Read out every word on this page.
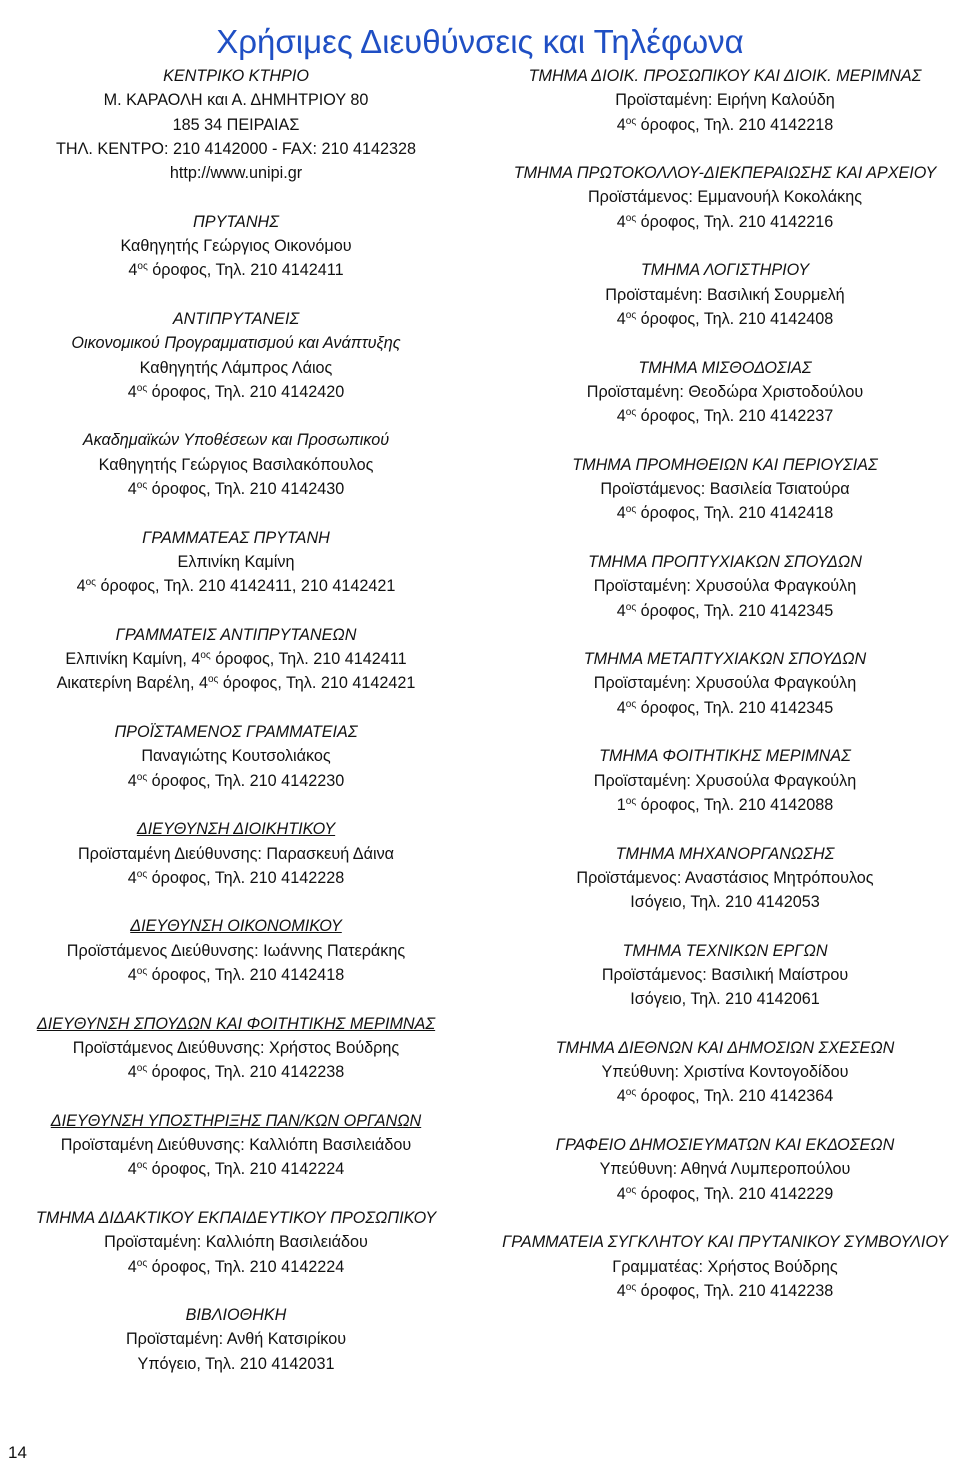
Χρήσιμες Διευθύνσεις και Τηλέφωνα
ΚΕΝΤΡΙΚΟ ΚΤΗΡΙΟ
Μ. ΚΑΡΑΟΛΗ και Α. ΔΗΜΗΤΡΙΟΥ 80
185 34 ΠΕΙΡΑΙΑΣ
ΤΗΛ. ΚΕΝΤΡΟ: 210 4142000 - FAX: 210 4142328
http://www.unipi.gr
ΠΡΥΤΑΝΗΣ
Καθηγητής Γεώργιος Οικονόμου
$4^{o\varsigma}$ όροφος, Τηλ. 210 4142411
ΑΝΤΙΠΡΥΤΑΝΕΙΣ
Οικονομικού Προγραμματισμού και Ανάπτυξης
Καθηγητής Λάμπρος Λάιος
$4^{o\varsigma}$ όροφος, Τηλ. 210 4142420
Ακαδημαϊκών Υποθέσεων και Προσωπικού
Καθηγητής Γεώργιος Βασιλακόπουλος
$4^{o\varsigma}$ όροφος, Τηλ. 210 4142430
ΓΡΑΜΜΑΤΕΑΣ ΠΡΥΤΑΝΗ
Ελπινίκη Καμίνη
$4^{o\varsigma}$ όροφος, Τηλ. 210 4142411, 210 4142421
ΓΡΑΜΜΑΤΕΙΣ ΑΝΤΙΠΡΥΤΑΝΕΩΝ
Ελπινίκη Καμίνη, $4^{o\varsigma}$ όροφος, Τηλ. 210 4142411
Αικατερίνη Βαρέλη, $4^{o\varsigma}$ όροφος, Τηλ. 210 4142421
ΠΡΟΪΣΤΑΜΕΝΟΣ ΓΡΑΜΜΑΤΕΙΑΣ
Παναγιώτης Κουτσολιάκος
$4^{o\varsigma}$ όροφος, Τηλ. 210 4142230
ΔΙΕΥΘΥΝΣΗ ΔΙΟΙΚΗΤΙΚΟΥ
Προϊσταμένη Διεύθυνσης: Παρασκευή Δάινα
$4^{o\varsigma}$ όροφος, Τηλ. 210 4142228
ΔΙΕΥΘΥΝΣΗ ΟΙΚΟΝΟΜΙΚΟΥ
Προϊστάμενος Διεύθυνσης: Ιωάννης Πατεράκης
$4^{o\varsigma}$ όροφος, Τηλ. 210 4142418
ΔΙΕΥΘΥΝΣΗ ΣΠΟΥΔΩΝ ΚΑΙ ΦΟΙΤΗΤΙΚΗΣ ΜΕΡΙΜΝΑΣ
Προϊστάμενος Διεύθυνσης: Χρήστος Βούδρης
$4^{o\varsigma}$ όροφος, Τηλ. 210 4142238
ΔΙΕΥΘΥΝΣΗ ΥΠΟΣΤΗΡΙΞΗΣ ΠΑΝ/ΚΩΝ ΟΡΓΑΝΩΝ
Προϊσταμένη Διεύθυνσης: Καλλιόπη Βασιλειάδου
$4^{o\varsigma}$ όροφος, Τηλ. 210 4142224
ΤΜΗΜΑ ΔΙΔΑΚΤΙΚΟΥ ΕΚΠΑΙΔΕΥΤΙΚΟΥ ΠΡΟΣΩΠΙΚΟΥ
Προϊσταμένη: Καλλιόπη Βασιλειάδου
$4^{o\varsigma}$ όροφος, Τηλ. 210 4142224
ΒΙΒΛΙΟΘΗΚΗ
Προϊσταμένη: Ανθή Κατσιρίκου
Υπόγειο, Τηλ. 210 4142031
ΤΜΗΜΑ ΔΙΟΙΚ. ΠΡΟΣΩΠΙΚΟΥ ΚΑΙ ΔΙΟΙΚ. ΜΕΡΙΜΝΑΣ
Προϊσταμένη: Ειρήνη Καλούδη
$4^{o\varsigma}$ όροφος, Τηλ. 210 4142218
ΤΜΗΜΑ ΠΡΩΤΟΚΟΛΛΟΥ-ΔΙΕΚΠΕΡΑΙΩΣΗΣ ΚΑΙ ΑΡΧΕΙΟΥ
Προϊστάμενος: Εμμανουήλ Κοκολάκης
$4^{o\varsigma}$ όροφος, Τηλ. 210 4142216
ΤΜΗΜΑ ΛΟΓΙΣΤΗΡΙΟΥ
Προϊσταμένη: Βασιλική Σουρμελή
$4^{o\varsigma}$ όροφος, Τηλ. 210 4142408
ΤΜΗΜΑ ΜΙΣΘΟΔΟΣΙΑΣ
Προϊσταμένη: Θεοδώρα Χριστοδούλου
$4^{o\varsigma}$ όροφος, Τηλ. 210 4142237
ΤΜΗΜΑ ΠΡΟΜΗΘΕΙΩΝ ΚΑΙ ΠΕΡΙΟΥΣΙΑΣ
Προϊστάμενος: Βασιλεία Τσιατούρα
$4^{o\varsigma}$ όροφος, Τηλ. 210 4142418
ΤΜΗΜΑ ΠΡΟΠΤΥΧΙΑΚΩΝ ΣΠΟΥΔΩΝ
Προϊσταμένη: Χρυσούλα Φραγκούλη
$4^{o\varsigma}$ όροφος, Τηλ. 210 4142345
ΤΜΗΜΑ ΜΕΤΑΠΤΥΧΙΑΚΩΝ ΣΠΟΥΔΩΝ
Προϊσταμένη: Χρυσούλα Φραγκούλη
$4^{o\varsigma}$ όροφος, Τηλ. 210 4142345
ΤΜΗΜΑ ΦΟΙΤΗΤΙΚΗΣ ΜΕΡΙΜΝΑΣ
Προϊσταμένη: Χρυσούλα Φραγκούλη
$1^{o\varsigma}$ όροφος, Τηλ. 210 4142088
ΤΜΗΜΑ ΜΗΧΑΝΟΡΓΑΝΩΣΗΣ
Προϊστάμενος: Αναστάσιος Μητρόπουλος
Ισόγειο, Τηλ. 210 4142053
ΤΜΗΜΑ ΤΕΧΝΙΚΩΝ ΕΡΓΩΝ
Προϊστάμενος: Βασιλική Μαίστρου
Ισόγειο, Τηλ. 210 4142061
ΤΜΗΜΑ ΔΙΕΘΝΩΝ ΚΑΙ ΔΗΜΟΣΙΩΝ ΣΧΕΣΕΩΝ
Υπεύθυνη: Χριστίνα Κοντογοδίδου
$4^{o\varsigma}$ όροφος, Τηλ. 210 4142364
ΓΡΑΦΕΙΟ ΔΗΜΟΣΙΕΥΜΑΤΩΝ ΚΑΙ ΕΚΔΟΣΕΩΝ
Υπεύθυνη: Αθηνά Λυμπεροπούλου
$4^{o\varsigma}$ όροφος, Τηλ. 210 4142229
ΓΡΑΜΜΑΤΕΙΑ ΣΥΓΚΛΗΤΟΥ ΚΑΙ ΠΡΥΤΑΝΙΚΟΥ ΣΥΜΒΟΥΛΙΟΥ
Γραμματέας: Χρήστος Βούδρης
$4^{o\varsigma}$ όροφος, Τηλ. 210 4142238
14
